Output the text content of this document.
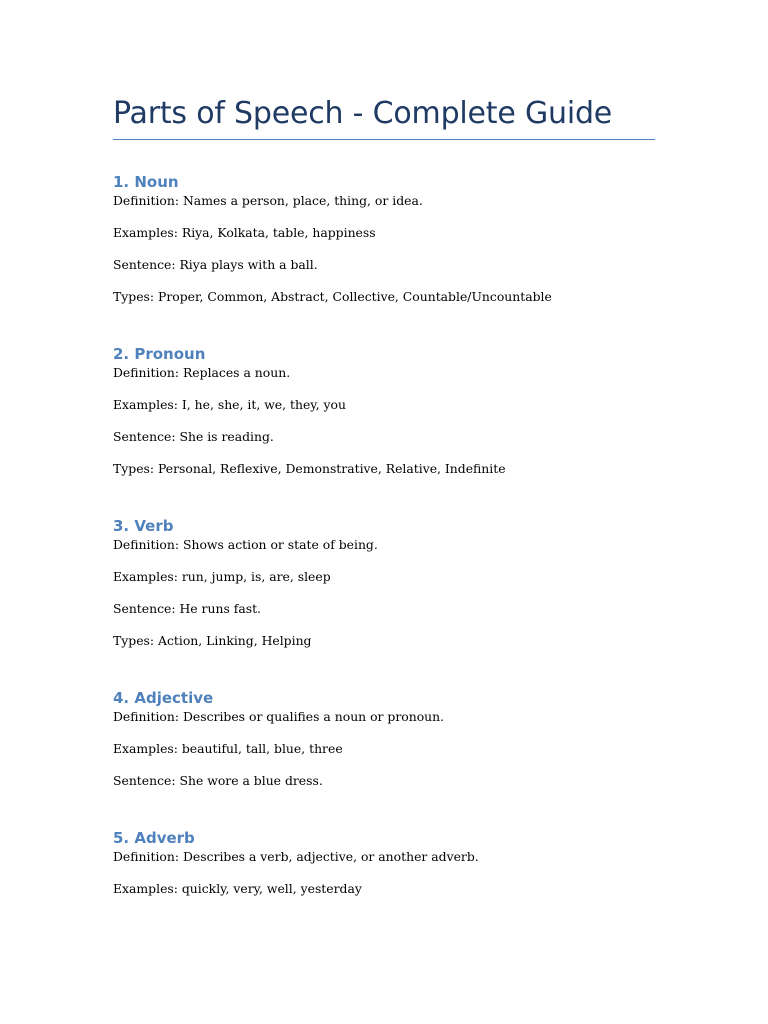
Parts of Speech - Complete Guide
1. Noun
Definition: Names a person, place, thing, or idea.
Examples: Riya, Kolkata, table, happiness
Sentence: Riya plays with a ball.
Types: Proper, Common, Abstract, Collective, Countable/Uncountable
2. Pronoun
Definition: Replaces a noun.
Examples: I, he, she, it, we, they, you
Sentence: She is reading.
Types: Personal, Reflexive, Demonstrative, Relative, Indefinite
3. Verb
Definition: Shows action or state of being.
Examples: run, jump, is, are, sleep
Sentence: He runs fast.
Types: Action, Linking, Helping
4. Adjective
Definition: Describes or qualifies a noun or pronoun.
Examples: beautiful, tall, blue, three
Sentence: She wore a blue dress.
5. Adverb
Definition: Describes a verb, adjective, or another adverb.
Examples: quickly, very, well, yesterday
